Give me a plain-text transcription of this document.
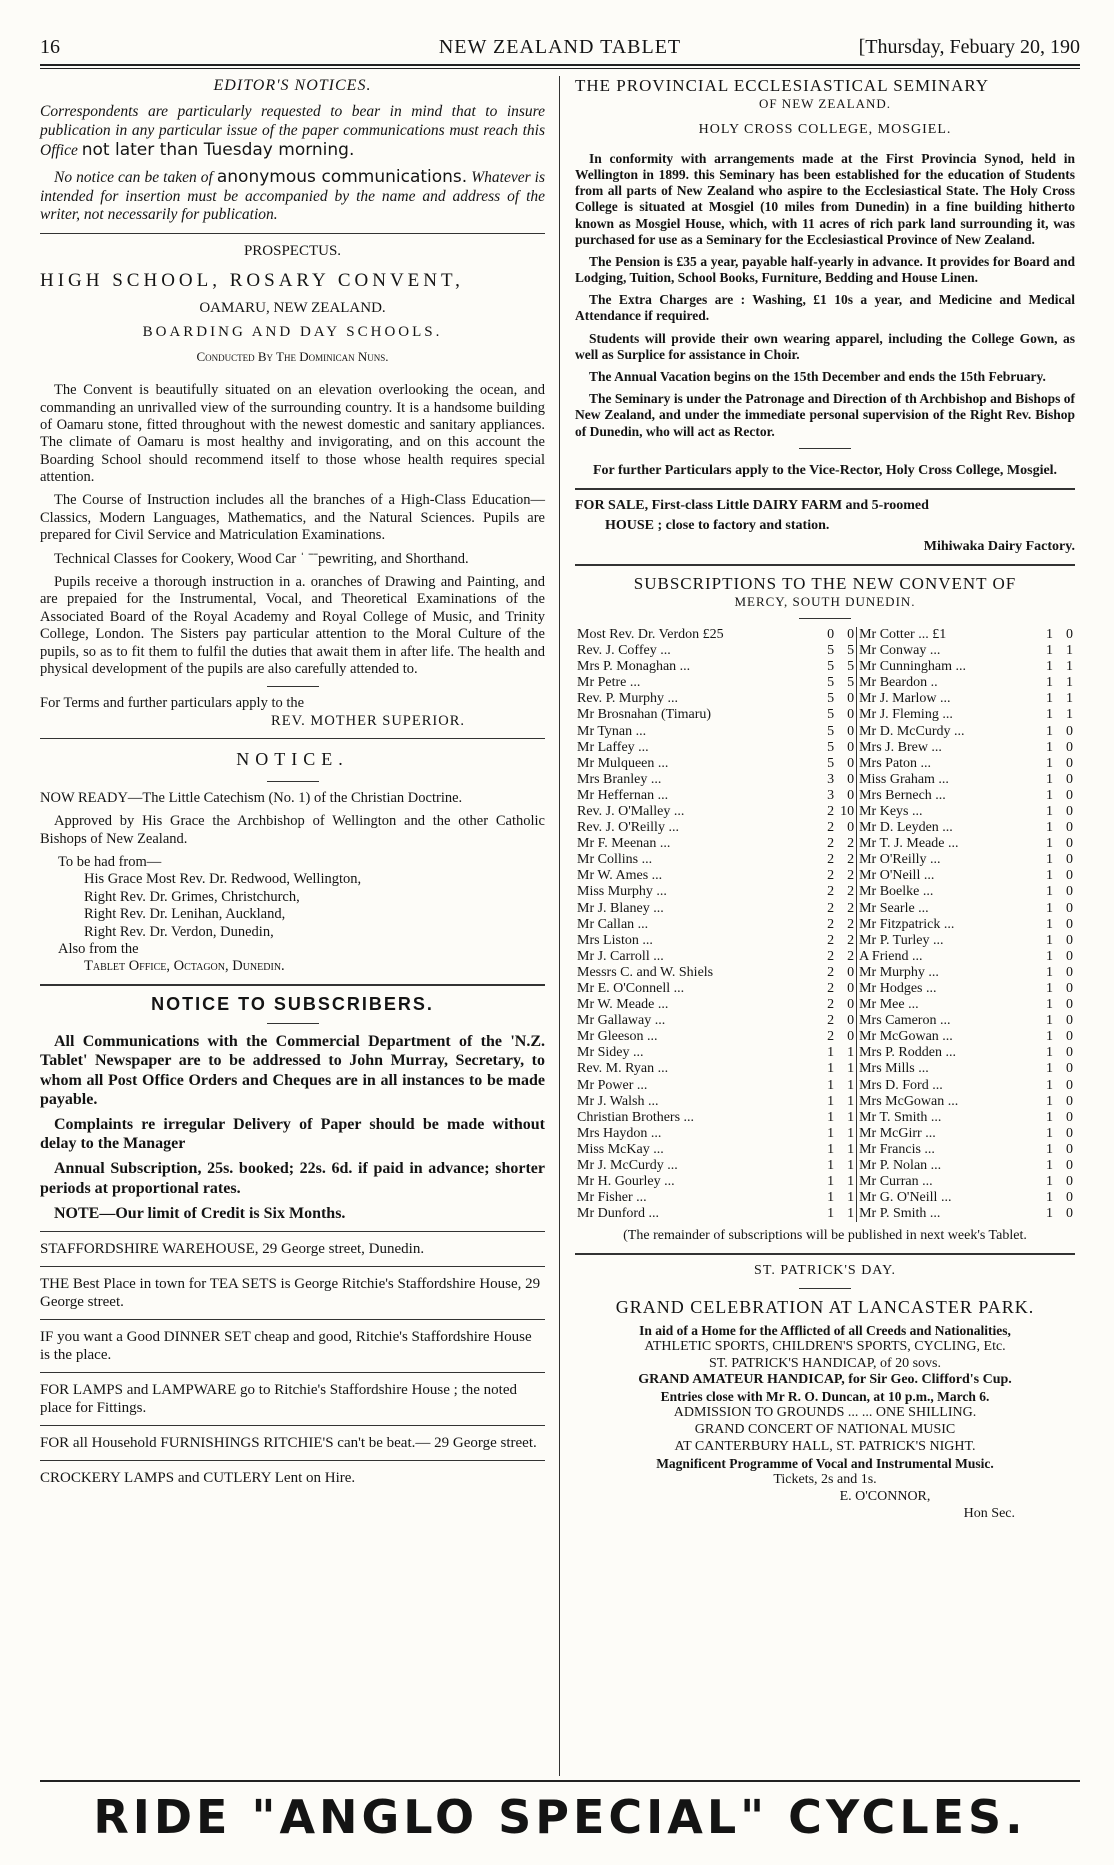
16	NEW ZEALAND TABLET	[Thursday, Febuary 20, 190
EDITOR'S NOTICES.

Correspondents are particularly requested to bear in mind that to insure publication in any particular issue of the paper communications must reach this Office not later than Tuesday morning.

No notice can be taken of anonymous communications. Whatever is intended for insertion must be accompanied by the name and address of the writer, not necessarily for publication.

PROSPECTUS.
HIGH SCHOOL, ROSARY CONVENT,
OAMARU, NEW ZEALAND.
BOARDING AND DAY SCHOOLS.
Conducted By The Dominican Nuns.

The Convent is beautifully situated on an elevation overlooking the ocean, and commanding an unrivalled view of the surrounding country. It is a handsome building of Oamaru stone, fitted throughout with the newest domestic and sanitary appliances. The climate of Oamaru is most healthy and invigorating, and on this account the Boarding School should recommend itself to those whose health requires special attention.

The Course of Instruction includes all the branches of a High-Class Education—Classics, Modern Languages, Mathematics, and the Natural Sciences. Pupils are prepared for Civil Service and Matriculation Examinations.

Technical Classes for Cookery, Wood Car ˈ ˉˉpewriting, and Shorthand.

Pupils receive a thorough instruction in a. oranches of Drawing and Painting, and are prepaied for the Instrumental, Vocal, and Theoretical Examinations of the Associated Board of the Royal Academy and Royal College of Music, and Trinity College, London. The Sisters pay particular attention to the Moral Culture of the pupils, so as to fit them to fulfil the duties that await them in after life. The health and physical development of the pupils are also carefully attended to.

For Terms and further particulars apply to the
REV. MOTHER SUPERIOR.
NOTICE.

NOW READY—The Little Catechism (No. 1) of the Christian Doctrine.

Approved by His Grace the Archbishop of Wellington and the other Catholic Bishops of New Zealand.

To be had from—
His Grace Most Rev. Dr. Redwood, Wellington,
Right Rev. Dr. Grimes, Christchurch,
Right Rev. Dr. Lenihan, Auckland,
Right Rev. Dr. Verdon, Dunedin,
Also from the
Tablet Office, Octagon, Dunedin.
NOTICE TO SUBSCRIBERS.

All Communications with the Commercial Department of the 'N.Z. Tablet' Newspaper are to be addressed to John Murray, Secretary, to whom all Post Office Orders and Cheques are in all instances to be made payable.

Complaints re irregular Delivery of Paper should be made without delay to the Manager

Annual Subscription, 25s. booked; 22s. 6d. if paid in advance; shorter periods at proportional rates.

NOTE—Our limit of Credit is Six Months.

STAFFORDSHIRE WAREHOUSE, 29 George street, Dunedin.
THE Best Place in town for TEA SETS is George Ritchie's Staffordshire House, 29 George street.
IF you want a Good DINNER SET cheap and good, Ritchie's Staffordshire House is the place.
FOR LAMPS and LAMPWARE go to Ritchie's Staffordshire House ; the noted place for Fittings.
FOR all Household FURNISHINGS RITCHIE'S can't be beat.— 29 George street.
CROCKERY LAMPS and CUTLERY Lent on Hire.
THE PROVINCIAL ECCLESIASTICAL SEMINARY
OF NEW ZEALAND.
HOLY CROSS COLLEGE, MOSGIEL.

In conformity with arrangements made at the First Provincia Synod, held in Wellington in 1899. this Seminary has been established for the education of Students from all parts of New Zealand who aspire to the Ecclesiastical State. The Holy Cross College is situated at Mosgiel (10 miles from Dunedin) in a fine building hitherto known as Mosgiel House, which, with 11 acres of rich park land surrounding it, was purchased for use as a Seminary for the Ecclesiastical Province of New Zealand.

The Pension is £35 a year, payable half-yearly in advance. It provides for Board and Lodging, Tuition, School Books, Furniture, Bedding and House Linen.

The Extra Charges are : Washing, £1 10s a year, and Medicine and Medical Attendance if required.

Students will provide their own wearing apparel, including the College Gown, as well as Surplice for assistance in Choir.

The Annual Vacation begins on the 15th December and ends the 15th February.

The Seminary is under the Patronage and Direction of th Archbishop and Bishops of New Zealand, and under the immediate personal supervision of the Right Rev. Bishop of Dunedin, who will act as Rector.

For further Particulars apply to the Vice-Rector, Holy Cross College, Mosgiel.
FOR SALE, First-class Little DAIRY FARM and 5-roomed
HOUSE ; close to factory and station.
Mihiwaka Dairy Factory.
SUBSCRIPTIONS TO THE NEW CONVENT OF
MERCY, SOUTH DUNEDIN.
Most Rev. Dr. Verdon £25	0	0	Mr Cotter ... £1	1	0
Rev. J. Coffey ...	5	5	Mr Conway ...	1	1
Mrs P. Monaghan ...	5	5	Mr Cunningham ...	1	1
Mr Petre ...	5	5	Mr Beardon ..	1	1
Rev. P. Murphy ...	5	0	Mr J. Marlow ...	1	1
Mr Brosnahan (Timaru)	5	0	Mr J. Fleming ...	1	1
Mr Tynan ...	5	0	Mr D. McCurdy ...	1	0
Mr Laffey ...	5	0	Mrs J. Brew ...	1	0
Mr Mulqueen ...	5	0	Mrs Paton ...	1	0
Mrs Branley ...	3	0	Miss Graham ...	1	0
Mr Heffernan ...	3	0	Mrs Bernech ...	1	0
Rev. J. O'Malley ...	2	10	Mr Keys ...	1	0
Rev. J. O'Reilly ...	2	0	Mr D. Leyden ...	1	0
Mr F. Meenan ...	2	2	Mr T. J. Meade ...	1	0
Mr Collins ...	2	2	Mr O'Reilly ...	1	0
Mr W. Ames ...	2	2	Mr O'Neill ...	1	0
Miss Murphy ...	2	2	Mr Boelke ...	1	0
Mr J. Blaney ...	2	2	Mr Searle ...	1	0
Mr Callan ...	2	2	Mr Fitzpatrick ...	1	0
Mrs Liston ...	2	2	Mr P. Turley ...	1	0
Mr J. Carroll ...	2	2	A Friend ...	1	0
Messrs C. and W. Shiels	2	0	Mr Murphy ...	1	0
Mr E. O'Connell ...	2	0	Mr Hodges ...	1	0
Mr W. Meade ...	2	0	Mr Mee ...	1	0
Mr Gallaway ...	2	0	Mrs Cameron ...	1	0
Mr Gleeson ...	2	0	Mr McGowan ...	1	0
Mr Sidey ...	1	1	Mrs P. Rodden ...	1	0
Rev. M. Ryan ...	1	1	Mrs Mills ...	1	0
Mr Power ...	1	1	Mrs D. Ford ...	1	0
Mr J. Walsh ...	1	1	Mrs McGowan ...	1	0
Christian Brothers ...	1	1	Mr T. Smith ...	1	0
Mrs Haydon ...	1	1	Mr McGirr ...	1	0
Miss McKay ...	1	1	Mr Francis ...	1	0
Mr J. McCurdy ...	1	1	Mr P. Nolan ...	1	0
Mr H. Gourley ...	1	1	Mr Curran ...	1	0
Mr Fisher ...	1	1	Mr G. O'Neill ...	1	0
Mr Dunford ...	1	1	Mr P. Smith ...	1	0
(The remainder of subscriptions will be published in next week's Tablet.
ST. PATRICK'S DAY.
GRAND CELEBRATION AT LANCASTER PARK.
In aid of a Home for the Afflicted of all Creeds and Nationalities,
ATHLETIC SPORTS, CHILDREN'S SPORTS, CYCLING, Etc.
ST. PATRICK'S HANDICAP, of 20 sovs.
GRAND AMATEUR HANDICAP, for Sir Geo. Clifford's Cup.
Entries close with Mr R. O. Duncan, at 10 p.m., March 6.
ADMISSION TO GROUNDS ... ... ONE SHILLING.
GRAND CONCERT OF NATIONAL MUSIC
AT CANTERBURY HALL, ST. PATRICK'S NIGHT.
Magnificent Programme of Vocal and Instrumental Music.
Tickets, 2s and 1s.
E. O'CONNOR,
Hon Sec.
RIDE "ANGLO SPECIAL" CYCLES.
